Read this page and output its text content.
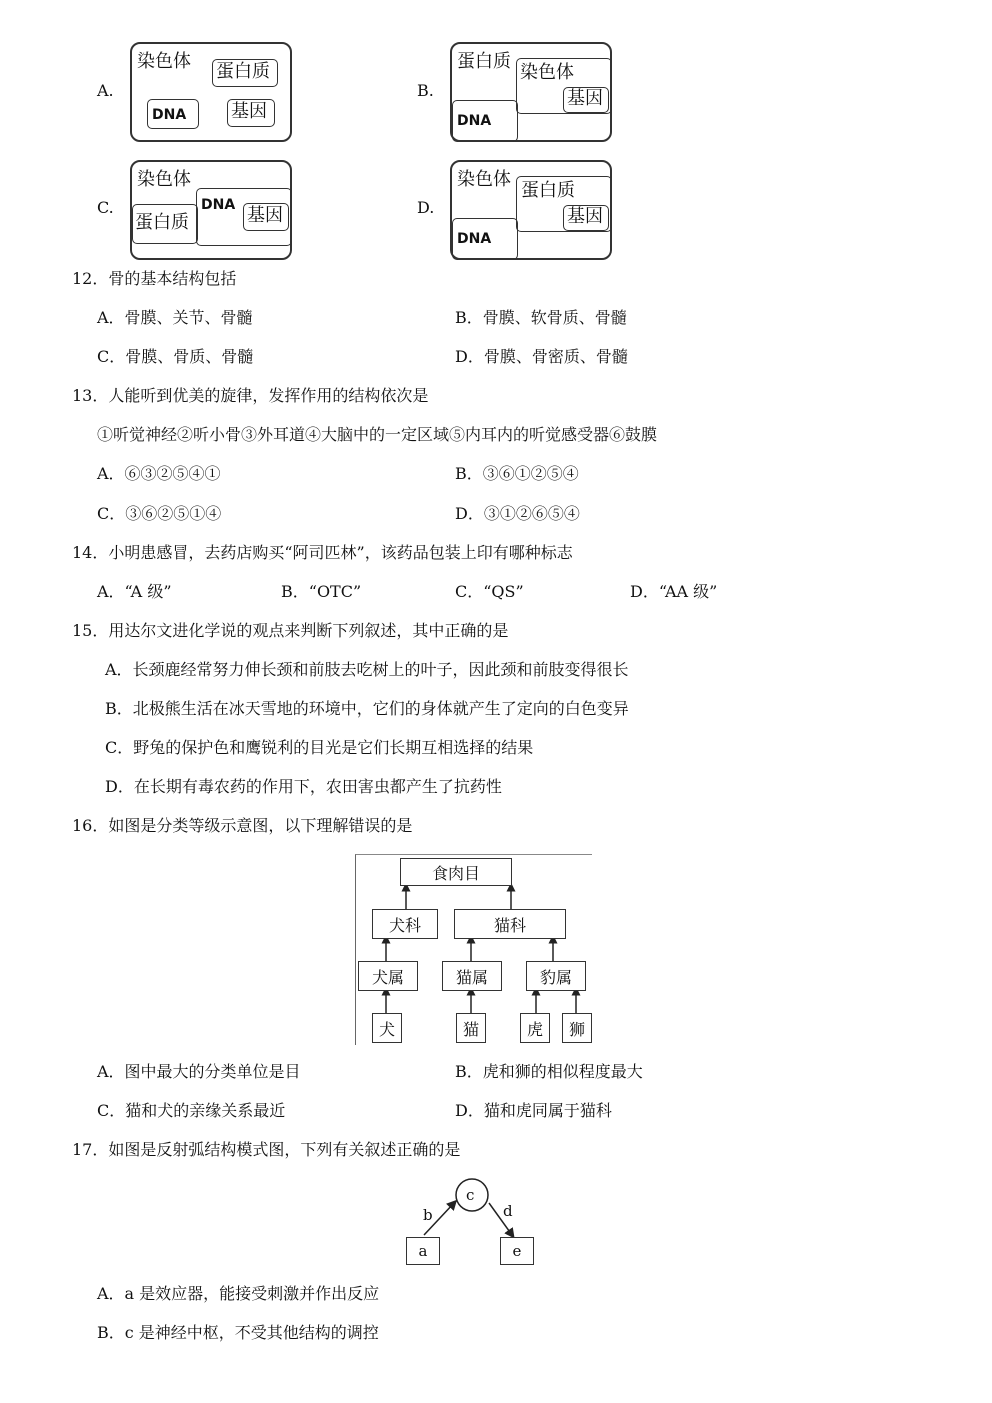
A.
染色体 蛋白质
DNA 基因
B.
蛋白质
染色体
基因
DNA
C.
染色体
蛋白质
DNA 基因	D.
染色体
蛋白质
基因
DNA
12．骨的基本结构包括
A．骨膜、关节、骨髓	B．骨膜、软骨质、骨髓
C．骨膜、骨质、骨髓	D．骨膜、骨密质、骨髓
13．人能听到优美的旋律，发挥作用的结构依次是
①听觉神经②听小骨③外耳道④大脑中的一定区域⑤内耳内的听觉感受器⑥鼓膜
A．⑥③②⑤④①	B．③⑥①②⑤④
C．③⑥②⑤①④	D．③①②⑥⑤④
14．小明患感冒，去药店购买“阿司匹林”，该药品包装上印有哪种标志
A．“A 级”	B．“OTC”	C．“QS”	D．“AA 级”
15．用达尔文进化学说的观点来判断下列叙述，其中正确的是
A．长颈鹿经常努力伸长颈和前肢去吃树上的叶子，因此颈和前肢变得很长
B．北极熊生活在冰天雪地的环境中，它们的身体就产生了定向的白色变异
C．野兔的保护色和鹰锐利的目光是它们长期互相选择的结果
D．在长期有毒农药的作用下，农田害虫都产生了抗药性
16．如图是分类等级示意图，以下理解错误的是
食肉目
犬科	猫科
犬属	猫属	豹属
犬	猫	虎	狮
A．图中最大的分类单位是目	B．虎和狮的相似程度最大
C．猫和犬的亲缘关系最近	D．猫和虎同属于猫科
17．如图是反射弧结构模式图，下列有关叙述正确的是
c
b	d
a	e
A．a 是效应器，能接受刺激并作出反应
B．c 是神经中枢，不受其他结构的调控
